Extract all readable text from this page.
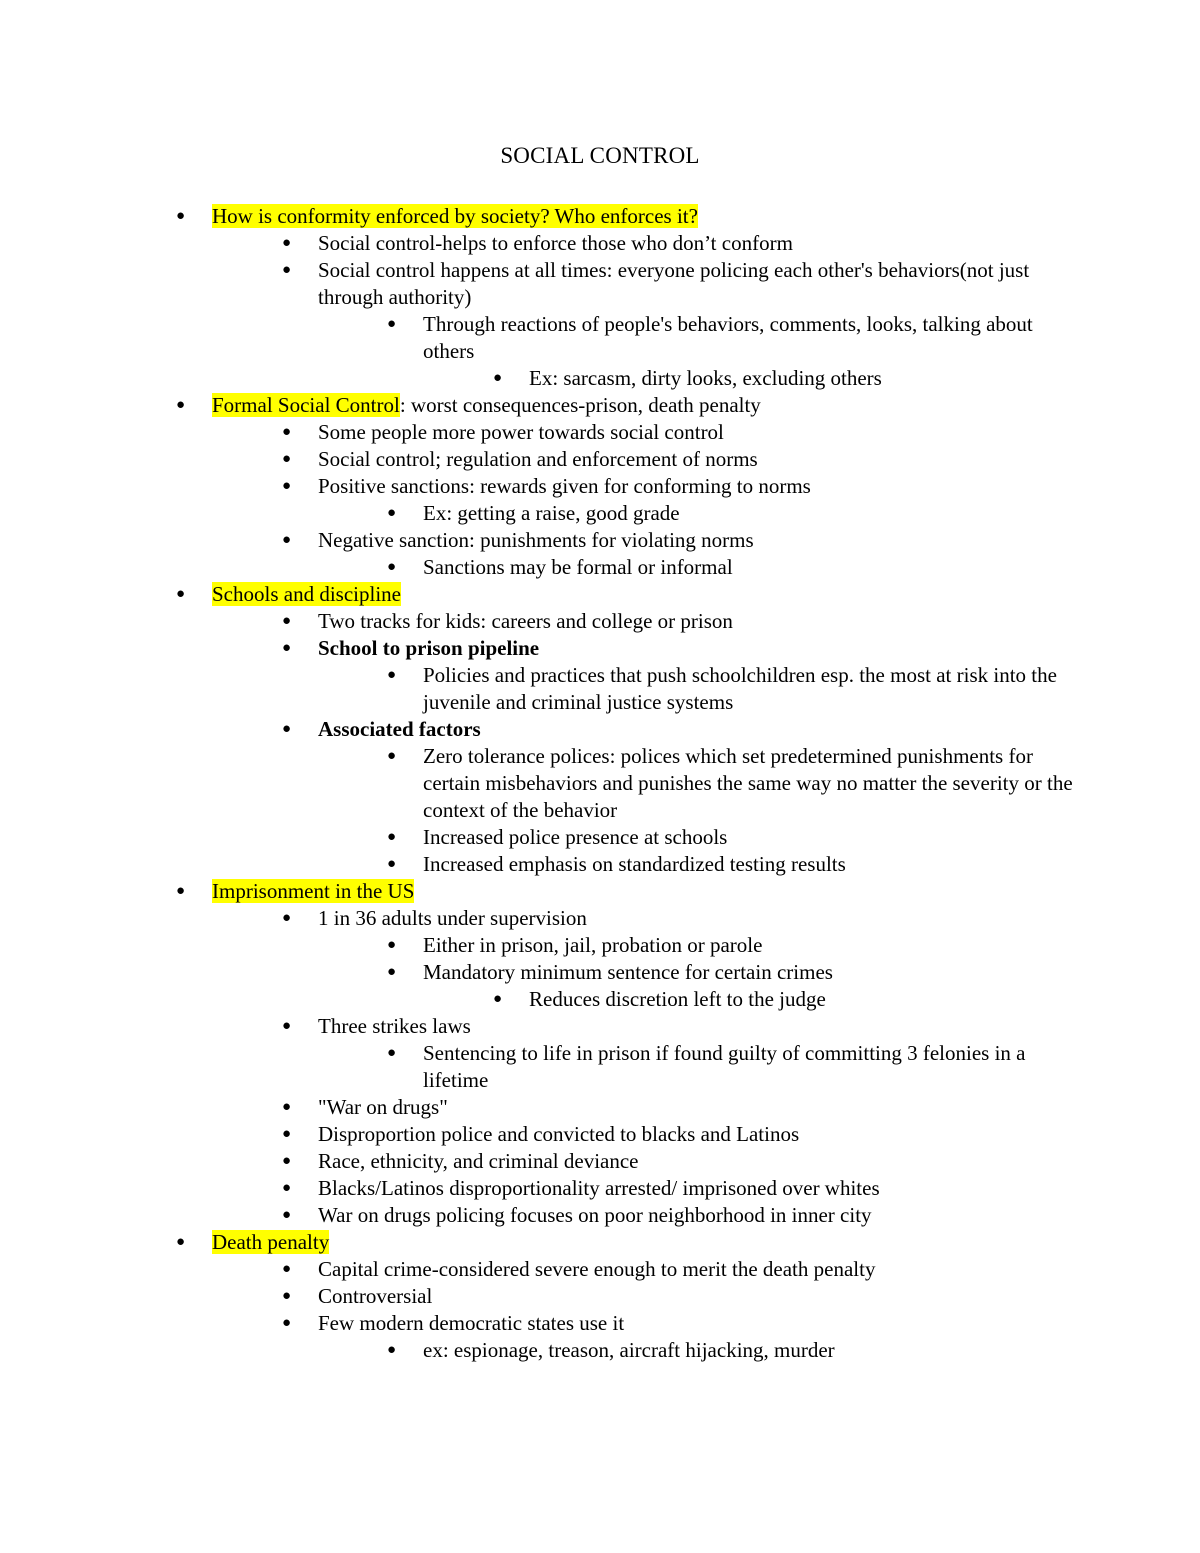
SOCIAL CONTROL
● How is conformity enforced by society? Who enforces it?
● Social control-helps to enforce those who don’t conform
● Social control happens at all times: everyone policing each other's behaviors(not just through authority)
● Through reactions of people's behaviors, comments, looks, talking about others
● Ex: sarcasm, dirty looks, excluding others
● Formal Social Control: worst consequences-prison, death penalty
● Some people more power towards social control
● Social control; regulation and enforcement of norms
● Positive sanctions: rewards given for conforming to norms
● Ex: getting a raise, good grade
● Negative sanction: punishments for violating norms
● Sanctions may be formal or informal
● Schools and discipline
● Two tracks for kids: careers and college or prison
● School to prison pipeline
● Policies and practices that push schoolchildren esp. the most at risk into the juvenile and criminal justice systems
● Associated factors
● Zero tolerance polices: polices which set predetermined punishments for certain misbehaviors and punishes the same way no matter the severity or the context of the behavior
● Increased police presence at schools
● Increased emphasis on standardized testing results
● Imprisonment in the US
● 1 in 36 adults under supervision
● Either in prison, jail, probation or parole
● Mandatory minimum sentence for certain crimes
● Reduces discretion left to the judge
● Three strikes laws
● Sentencing to life in prison if found guilty of committing 3 felonies in a lifetime
● "War on drugs"
● Disproportion police and convicted to blacks and Latinos
● Race, ethnicity, and criminal deviance
● Blacks/Latinos disproportionality arrested/ imprisoned over whites
● War on drugs policing focuses on poor neighborhood in inner city
● Death penalty
● Capital crime-considered severe enough to merit the death penalty
● Controversial
● Few modern democratic states use it
● ex: espionage, treason, aircraft hijacking, murder
